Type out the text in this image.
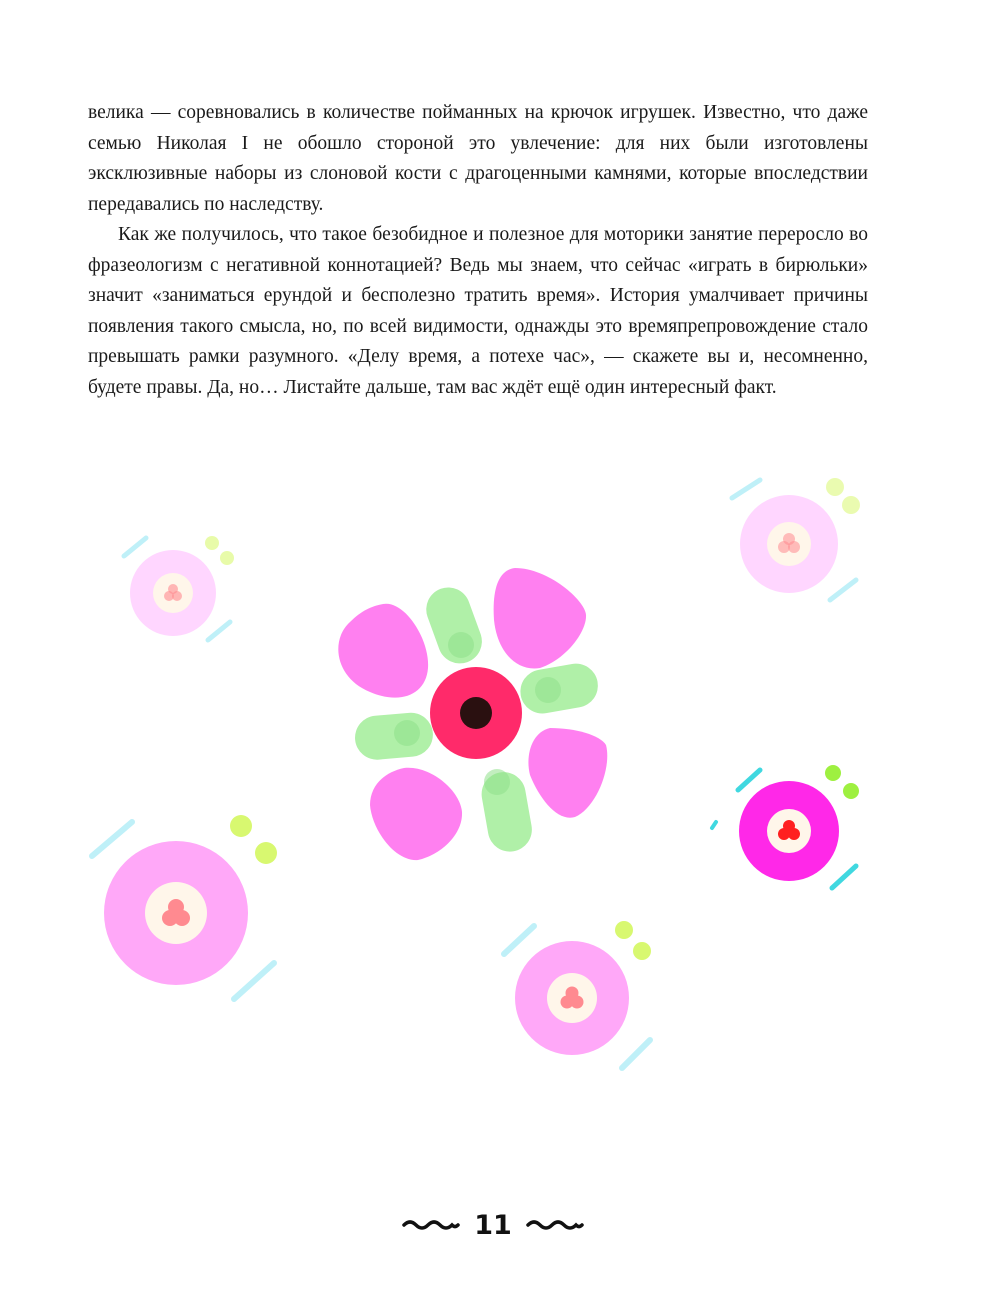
велика — соревновались в количестве пойманных на крючок игрушек. Известно, что даже семью Николая I не обошло стороной это увлечение: для них были изготовлены эксклюзивные наборы из слоновой кости с драгоценными камнями, которые впоследствии передавались по наследству.

Как же получилось, что такое безобидное и полезное для моторики занятие переросло во фразеологизм с негативной коннотацией? Ведь мы знаем, что сейчас «играть в бирюльки» значит «заниматься ерундой и бесполезно тратить время». История умалчивает причины появления такого смысла, но, по всей видимости, однажды это времяпрепровождение стало превышать рамки разумного. «Делу время, а потехе час», — скажете вы и, несомненно, будете правы. Да, но… Листайте дальше, там вас ждёт ещё один интересный факт.

11
